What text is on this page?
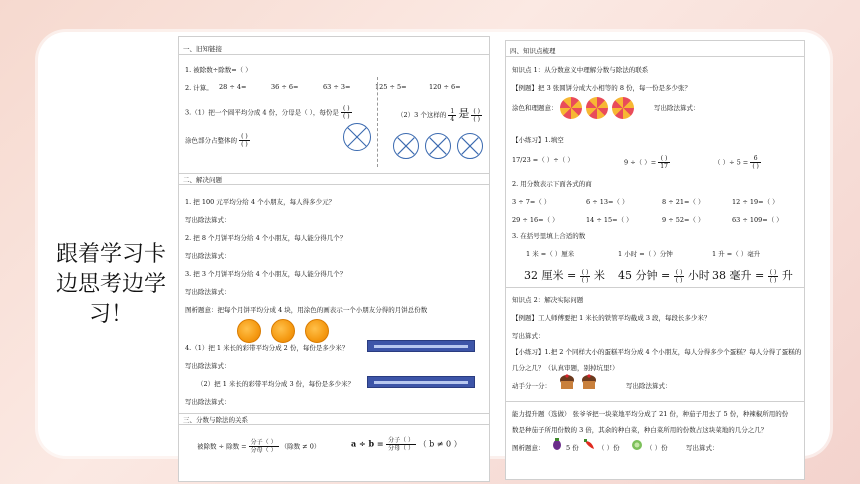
跟着学习卡边思考边学习！
一、旧知链接
1. 被除数÷除数=（ ）
2. 计算。 28 ÷ 4=	36 ÷ 6=	63 ÷ 3=	125 ÷ 5=	120 ÷ 6=
3.（1）把一个圆平均分成 4 份，分母是（ ），每份是 $\frac{( )}{( )}$	（2）3 个这样的 $\frac{1}{4}$ 是 $\frac{( )}{( )}$
涂色部分占整体的 $\frac{( )}{( )}$
二、解决问题
1. 把 100 元平均分给 4 个小朋友，每人得多少元？
写出除法算式：
2. 把 8 个月饼平均分给 4 个小朋友，每人能分得几个？
写出除法算式：
3. 把 3 个月饼平均分给 4 个小朋友，每人能分得几个？
写出除法算式：
图析题意：把每个月饼平均分成 4 块，用涂色的画表示一个小朋友分得的月饼总份数
4.（1）把 1 米长的彩带平均分成 2 份，每份是多少米？
写出除法算式：
（2）把 1 米长的彩带平均分成 3 份，每份是多少米？
写出除法算式：
三、分数与除法的关系
被除数 ÷ 除数 = $\frac{\text{分子（ ）}}{\text{分母（ ）}}$ （除数 ≠ 0）	$a \div b = \frac{\text{分子（ ）}}{\text{分母（ ）}}$ （ b ≠ 0 ）
四、知识点梳理
知识点 1：从分数意义中理解分数与除法的联系
【例题】把 3 张圆饼分成大小相等的 8 份，每一份是多少张？
涂色和理题意：	写出除法算式：
【小练习】1.填空
17/23 =（ ）÷（ ）	9 ÷（ ）= $\frac{( )}{17}$	（ ）÷ $5 = \frac{6}{( )}$
2. 用分数表示下面各式的商
3 ÷ 7=（ ）	6 ÷ 13=（ ）	8 ÷ 21=（ ）	12 ÷ 19=（ ）
29 ÷ 16=（ ）	14 ÷ 15=（ ）	9 ÷ 52=（ ）	63 ÷ 109=（ ）
3. 在括号里填上合适的数
1 米 =（ ）厘米	1 小时 =（ ）分钟	1 升 =（ ）毫升
32 厘米 = $\frac{( )}{( )}$ 米 45 分钟 = $\frac{( )}{( )}$ 小时 38 毫升 = $\frac{( )}{( )}$ 升
知识点 2：解决实际问题
【例题】工人师傅要把 1 米长的铁管平均截成 3 段，每段长多少米？
写出算式：
【小练习】1.把 2 个同样大小的蛋糕平均分成 4 个小朋友，每人分得多少个蛋糕？每人分得了蛋糕的
几分之几？（认真审题，别掉坑里!）
动手分一分：	写出除法算式：
能力提升题（选做） 张爷爷把一块菜地平均分成了 21 份，种茄子用去了 5 份，种辣椒所用的份
数是种茄子所用份数的 3 倍，其余的种白菜，种白菜所用的份数占这块菜地的几分之几？
图析题意：	5 份	（ ）份	（ ）份	写出算式：
